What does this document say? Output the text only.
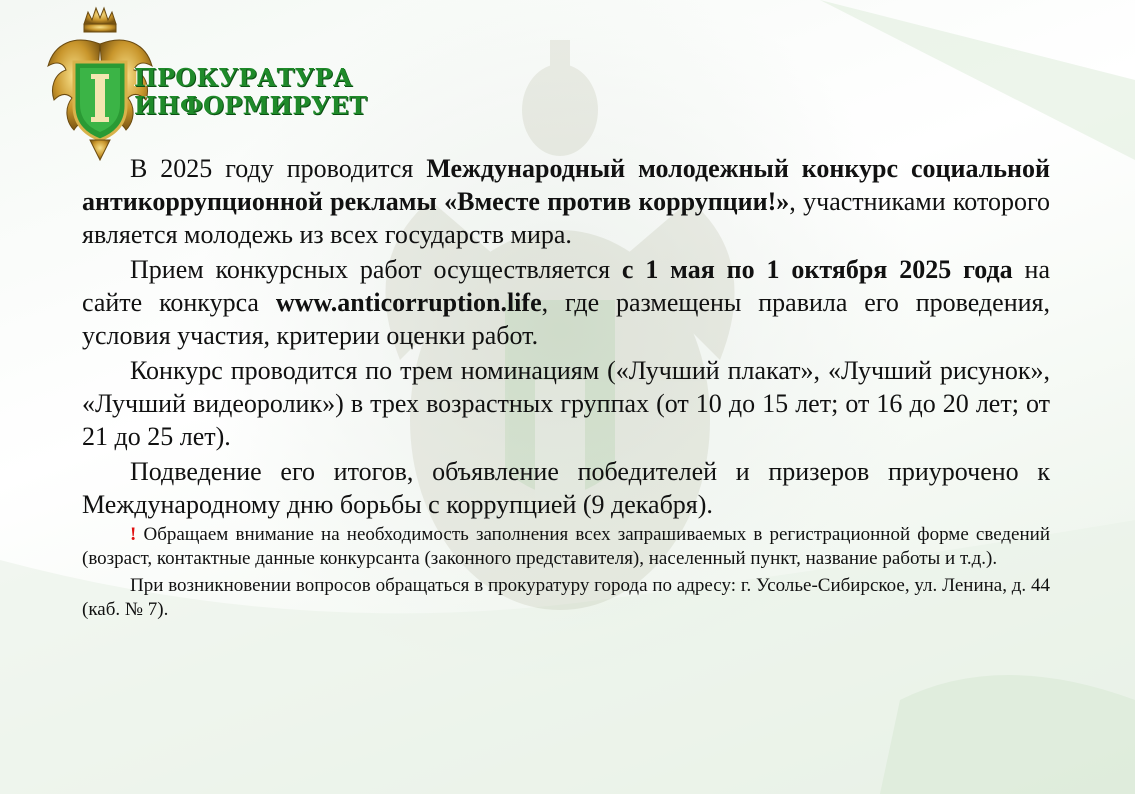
ПРОКУРАТУРА
ИНФОРМИРУЕТ

В 2025 году проводится Международный молодежный конкурс социальной антикоррупционной рекламы «Вместе против коррупции!», участниками которого является молодежь из всех государств мира.

Прием конкурсных работ осуществляется с 1 мая по 1 октября 2025 года на сайте конкурса www.anticorruption.life, где размещены правила его проведения, условия участия, критерии оценки работ.

Конкурс проводится по трем номинациям («Лучший плакат», «Лучший рисунок», «Лучший видеоролик») в трех возрастных группах (от 10 до 15 лет; от 16 до 20 лет; от 21 до 25 лет).

Подведение его итогов, объявление победителей и призеров приурочено к Международному дню борьбы с коррупцией (9 декабря).

! Обращаем внимание на необходимость заполнения всех запрашиваемых в регистрационной форме сведений (возраст, контактные данные конкурсанта (законного представителя), населенный пункт, название работы и т.д.).

При возникновении вопросов обращаться в прокуратуру города по адресу: г. Усолье-Сибирское, ул. Ленина, д. 44 (каб. № 7).
